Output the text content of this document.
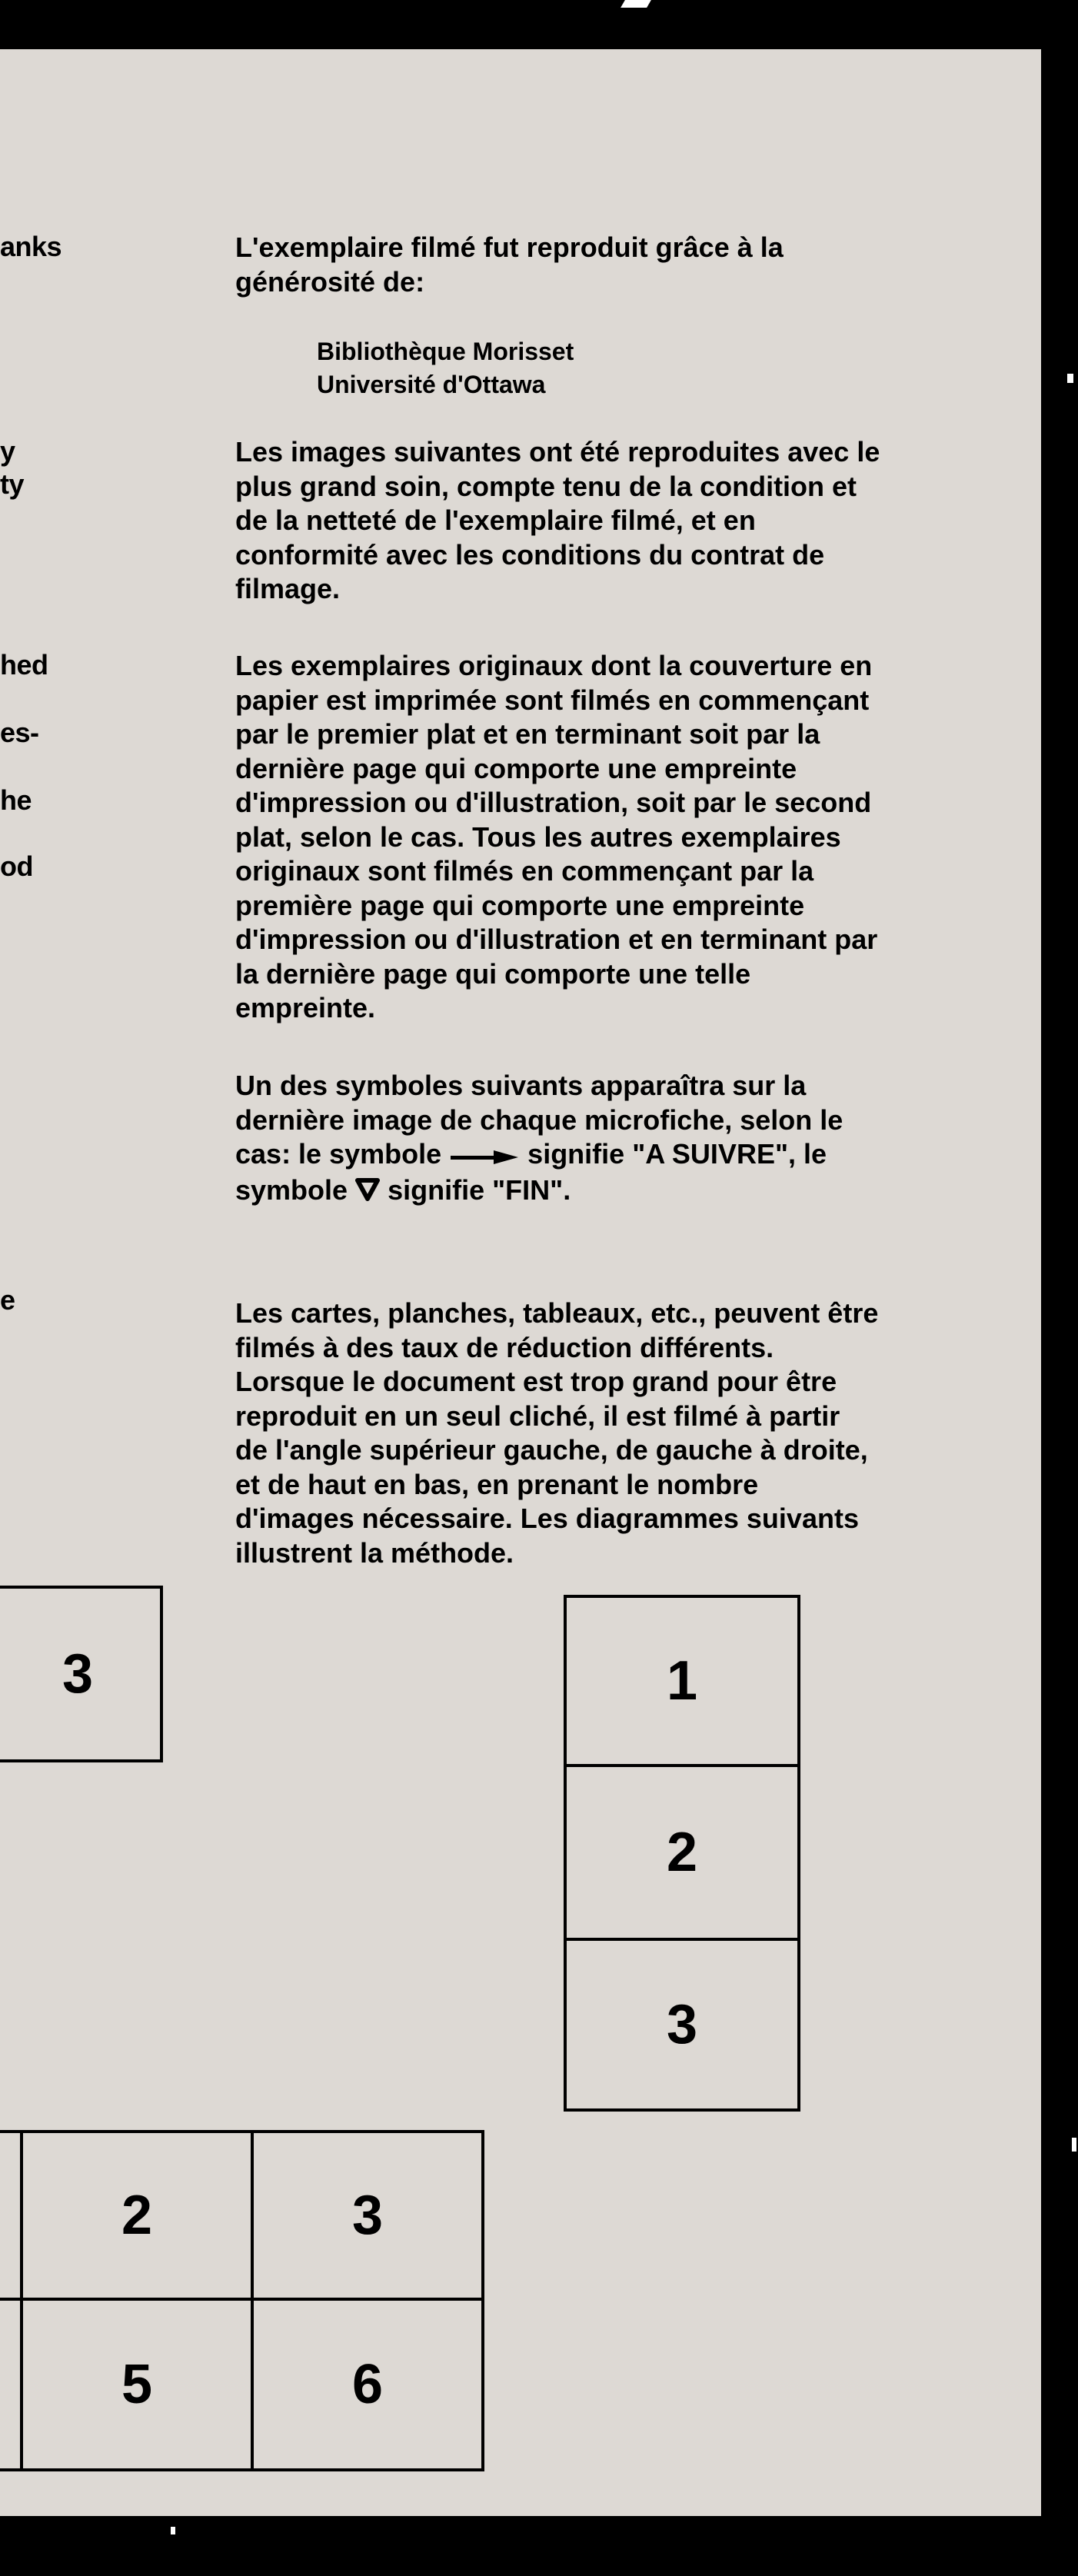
anks
y
ty
hed
es-
he
od
e

L'exemplaire filmé fut reproduit grâce à la
générosité de:

Bibliothèque Morisset
Université d'Ottawa

Les images suivantes ont été reproduites avec le
plus grand soin, compte tenu de la condition et
de la netteté de l'exemplaire filmé, et en
conformité avec les conditions du contrat de
filmage.

Les exemplaires originaux dont la couverture en
papier est imprimée sont filmés en commençant
par le premier plat et en terminant soit par la
dernière page qui comporte une empreinte
d'impression ou d'illustration, soit par le second
plat, selon le cas. Tous les autres exemplaires
originaux sont filmés en commençant par la
première page qui comporte une empreinte
d'impression ou d'illustration et en terminant par
la dernière page qui comporte une telle
empreinte.

Un des symboles suivants apparaîtra sur la
dernière image de chaque microfiche, selon le
cas: le symbole	signifie "A SUIVRE", le
symbole signifie "FIN".

Les cartes, planches, tableaux, etc., peuvent être
filmés à des taux de réduction différents.
Lorsque le document est trop grand pour être
reproduit en un seul cliché, il est filmé à partir
de l'angle supérieur gauche, de gauche à droite,
et de haut en bas, en prenant le nombre
d'images nécessaire. Les diagrammes suivants
illustrent la méthode.

3	1
2
3
2	3
5	6
